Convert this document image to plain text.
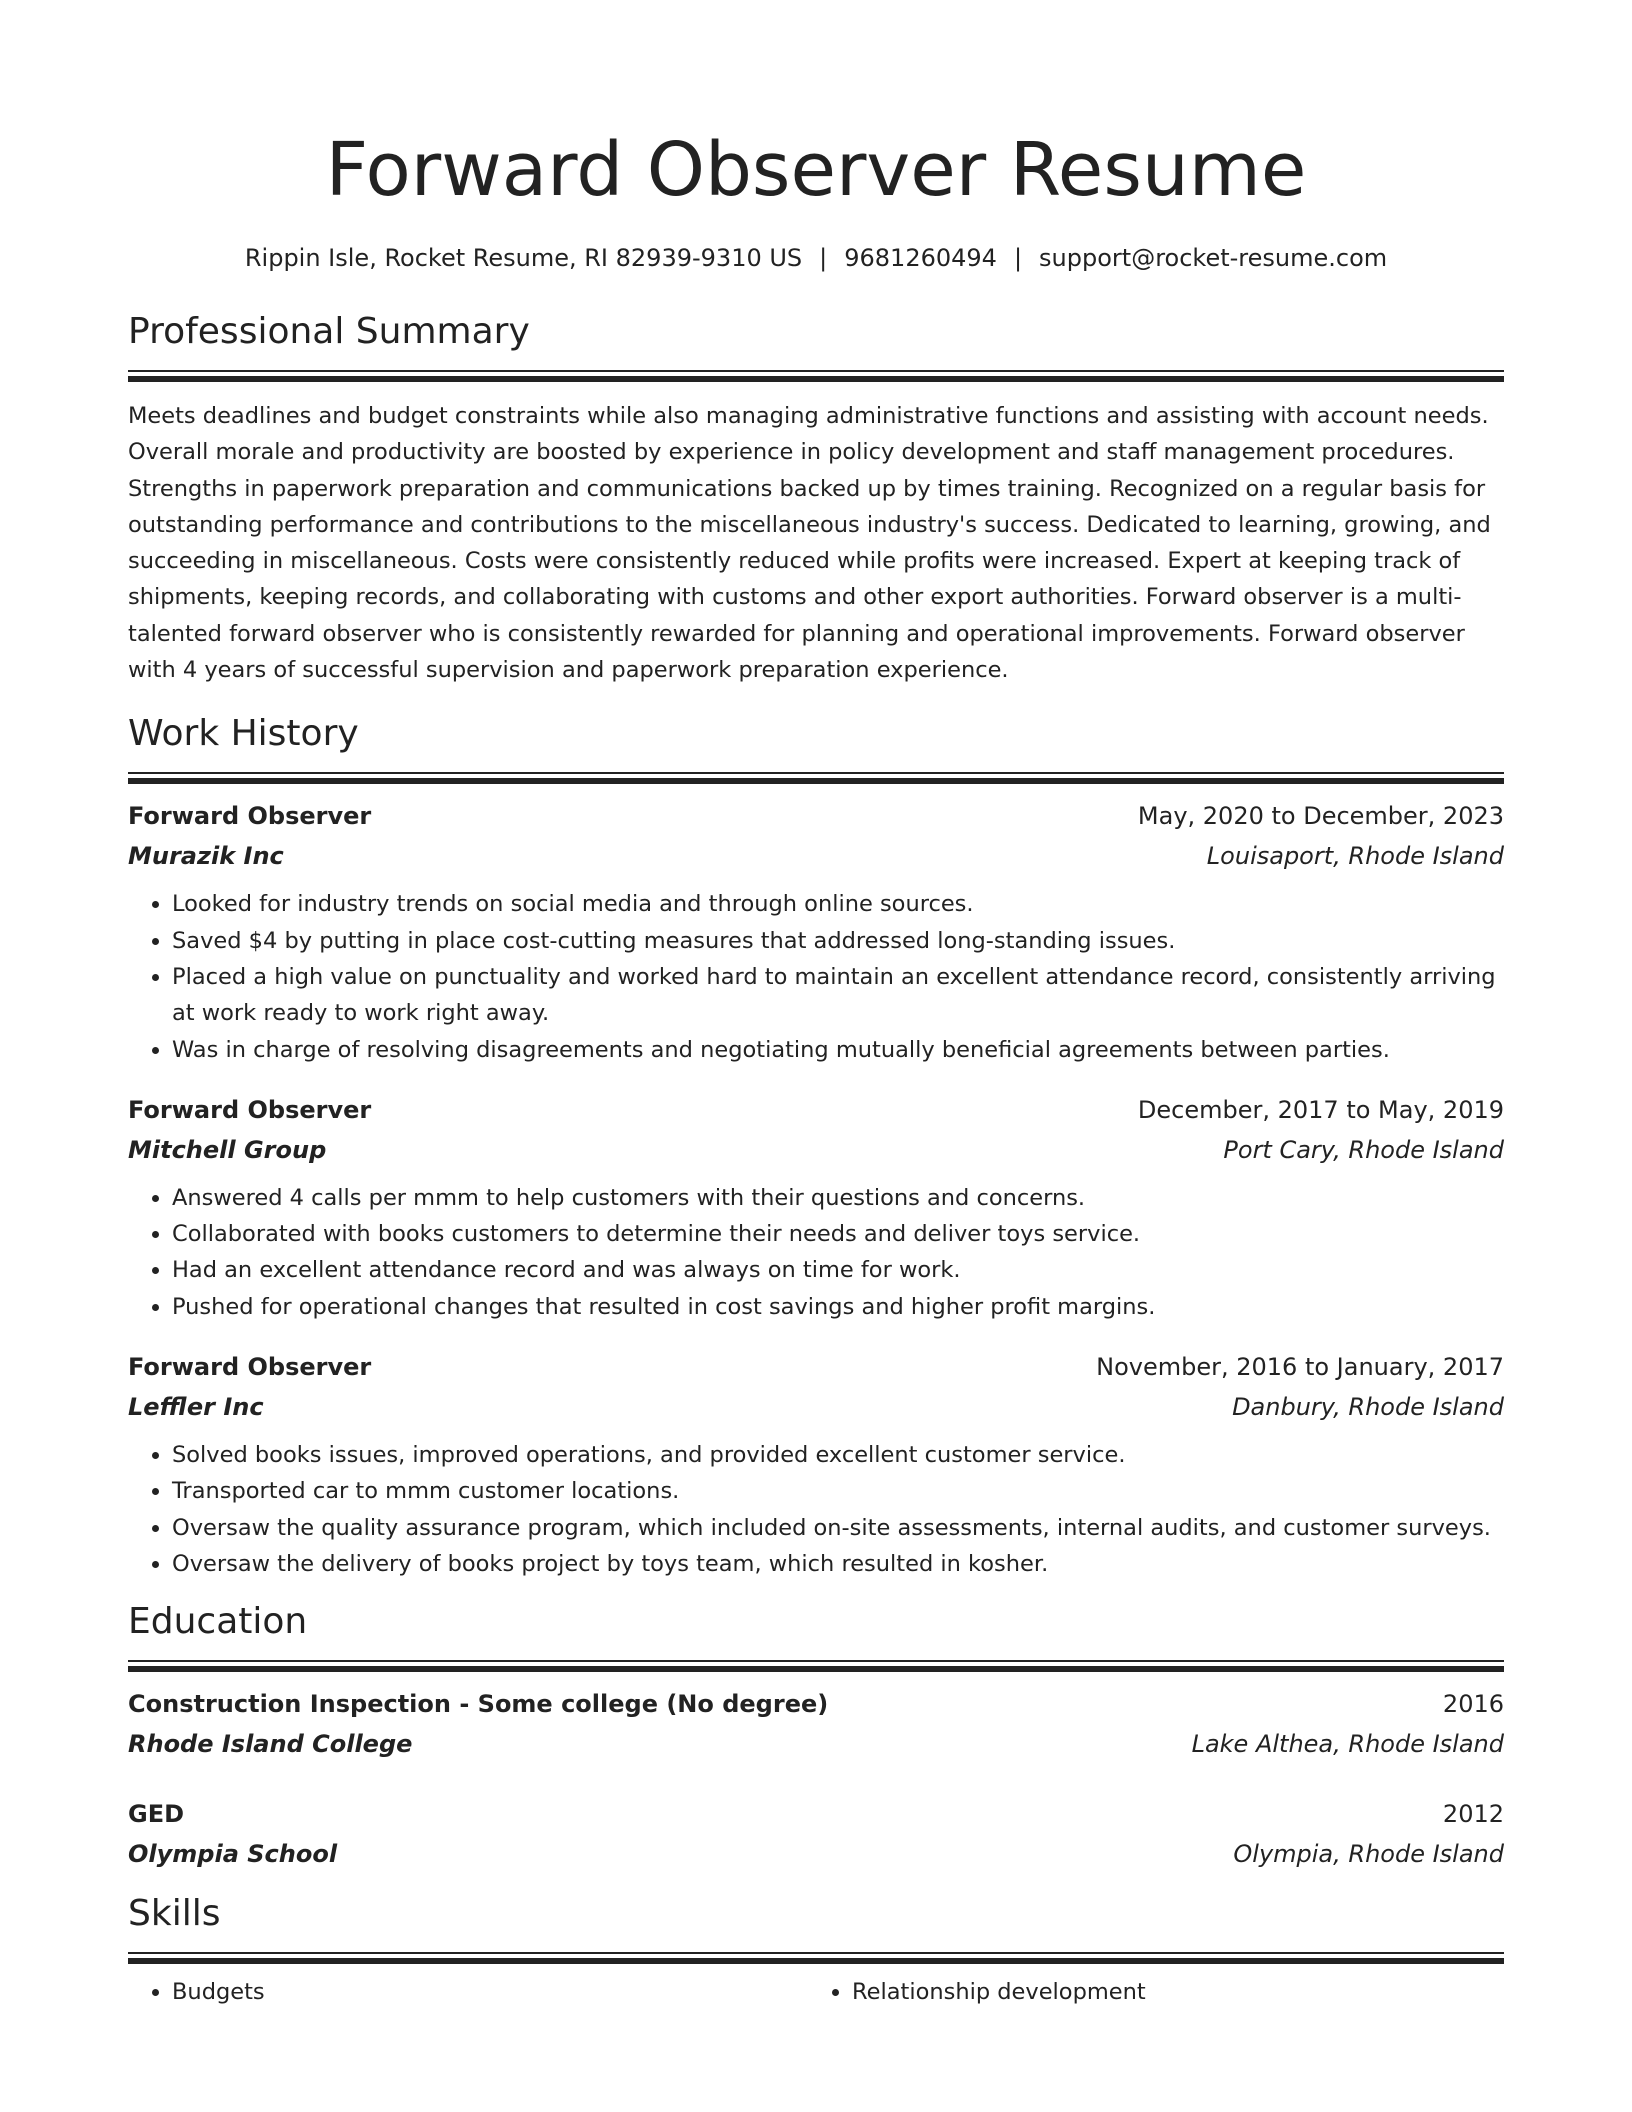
Forward Observer Resume
Rippin Isle, Rocket Resume, RI 82939-9310 US | 9681260494 | support@rocket-resume.com
Professional Summary

Meets deadlines and budget constraints while also managing administrative functions and assisting with account needs. Overall morale and productivity are boosted by experience in policy development and staff management procedures. Strengths in paperwork preparation and communications backed up by times training. Recognized on a regular basis for outstanding performance and contributions to the miscellaneous industry's success. Dedicated to learning, growing, and succeeding in miscellaneous. Costs were consistently reduced while profits were increased. Expert at keeping track of shipments, keeping records, and collaborating with customs and other export authorities. Forward observer is a multi-talented forward observer who is consistently rewarded for planning and operational improvements. Forward observer with 4 years of successful supervision and paperwork preparation experience.

Work History
Forward Observer	May, 2020 to December, 2023
Murazik Inc	Louisaport, Rhode Island
• Looked for industry trends on social media and through online sources.
• Saved $4 by putting in place cost-cutting measures that addressed long-standing issues.
• Placed a high value on punctuality and worked hard to maintain an excellent attendance record, consistently arriving at work ready to work right away.
• Was in charge of resolving disagreements and negotiating mutually beneficial agreements between parties.
Forward Observer	December, 2017 to May, 2019
Mitchell Group	Port Cary, Rhode Island
• Answered 4 calls per mmm to help customers with their questions and concerns.
• Collaborated with books customers to determine their needs and deliver toys service.
• Had an excellent attendance record and was always on time for work.
• Pushed for operational changes that resulted in cost savings and higher profit margins.
Forward Observer	November, 2016 to January, 2017
Leffler Inc	Danbury, Rhode Island
• Solved books issues, improved operations, and provided excellent customer service.
• Transported car to mmm customer locations.
• Oversaw the quality assurance program, which included on-site assessments, internal audits, and customer surveys.
• Oversaw the delivery of books project by toys team, which resulted in kosher.
Education
Construction Inspection - Some college (No degree)	2016
Rhode Island College	Lake Althea, Rhode Island
GED	2012
Olympia School	Olympia, Rhode Island
Skills
• Budgets
•	Relationship development
